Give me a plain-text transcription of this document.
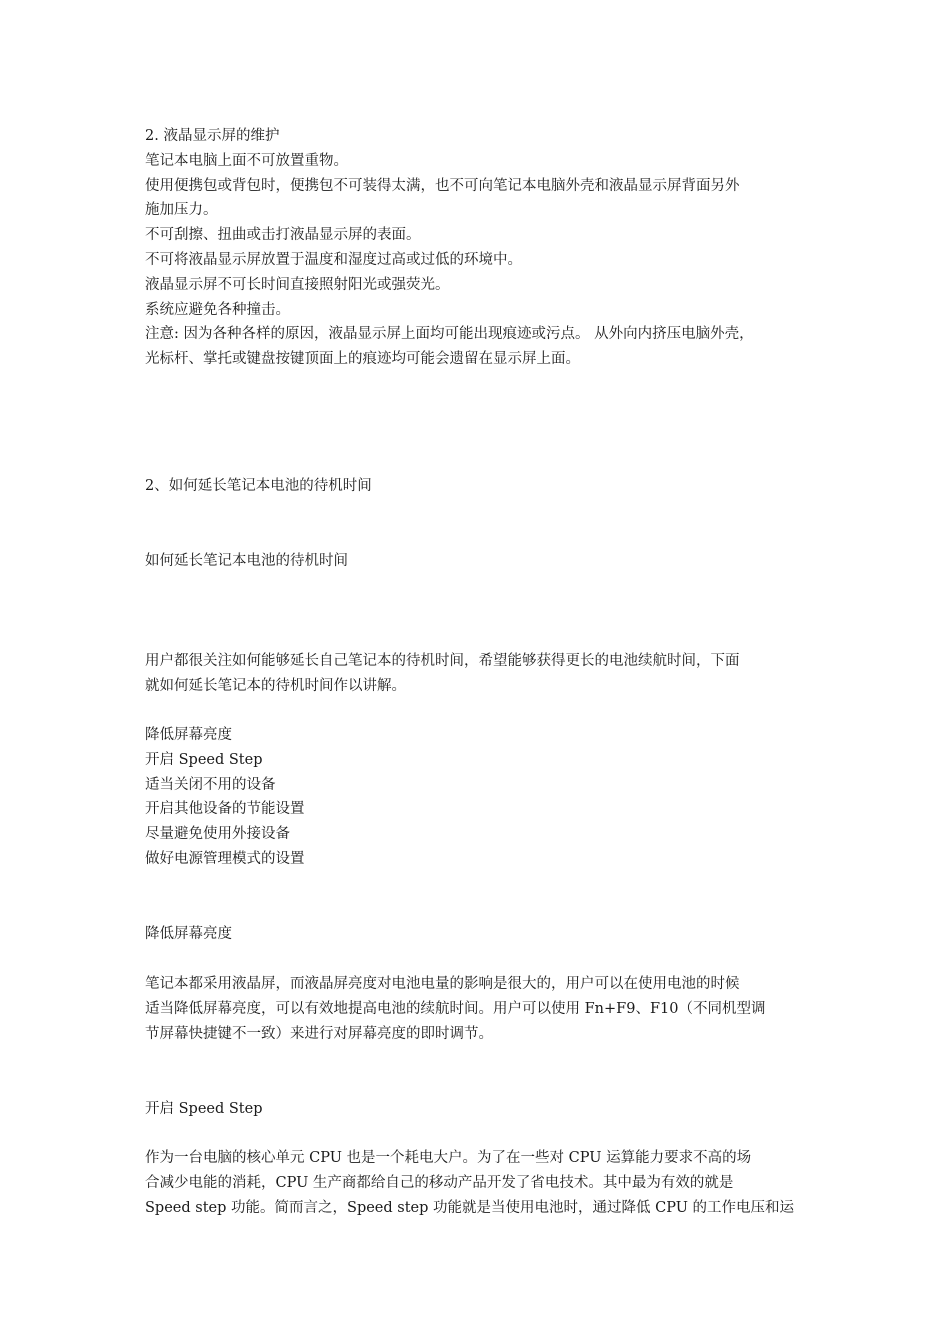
2. 液晶显示屏的维护
笔记本电脑上面不可放置重物。
使用便携包或背包时，便携包不可装得太满，也不可向笔记本电脑外壳和液晶显示屏背面另外
施加压力。
不可刮擦、扭曲或击打液晶显示屏的表面。
不可将液晶显示屏放置于温度和湿度过高或过低的环境中。
液晶显示屏不可长时间直接照射阳光或强荧光。
系统应避免各种撞击。
注意: 因为各种各样的原因，液晶显示屏上面均可能出现痕迹或污点。 从外向内挤压电脑外壳，
光标杆、掌托或键盘按键顶面上的痕迹均可能会遗留在显示屏上面。
2、如何延长笔记本电池的待机时间
如何延长笔记本电池的待机时间
用户都很关注如何能够延长自己笔记本的待机时间，希望能够获得更长的电池续航时间，下面
就如何延长笔记本的待机时间作以讲解。
降低屏幕亮度
开启 Speed Step
适当关闭不用的设备
开启其他设备的节能设置
尽量避免使用外接设备
做好电源管理模式的设置
降低屏幕亮度
笔记本都采用液晶屏，而液晶屏亮度对电池电量的影响是很大的，用户可以在使用电池的时候
适当降低屏幕亮度，可以有效地提高电池的续航时间。用户可以使用 Fn+F9、F10（不同机型调
节屏幕快捷键不一致）来进行对屏幕亮度的即时调节。
开启 Speed Step
作为一台电脑的核心单元 CPU 也是一个耗电大户。为了在一些对 CPU 运算能力要求不高的场
合减少电能的消耗，CPU 生产商都给自己的移动产品开发了省电技术。其中最为有效的就是
Speed step 功能。简而言之，Speed step 功能就是当使用电池时，通过降低 CPU 的工作电压和运
